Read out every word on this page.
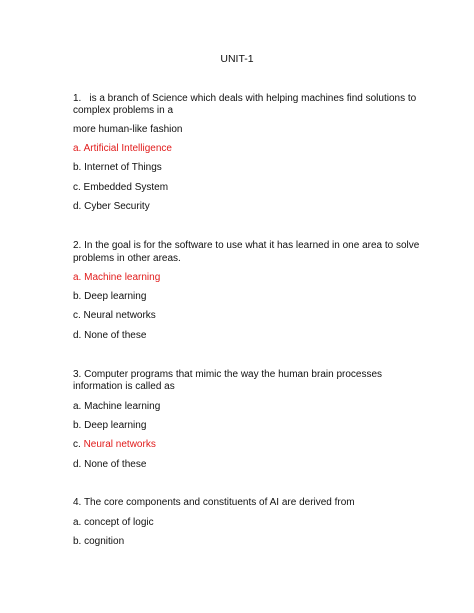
UNIT-1
1. is a branch of Science which deals with helping machines find solutions to
complex problems in a
more human-like fashion
a. Artificial Intelligence
b. Internet of Things
c. Embedded System
d. Cyber Security
2. In the goal is for the software to use what it has learned in one area to solve
problems in other areas.
a. Machine learning
b. Deep learning
c. Neural networks
d. None of these
3. Computer programs that mimic the way the human brain processes
information is called as
a. Machine learning
b. Deep learning
c. Neural networks
d. None of these
4. The core components and constituents of AI are derived from
a. concept of logic
b. cognition
